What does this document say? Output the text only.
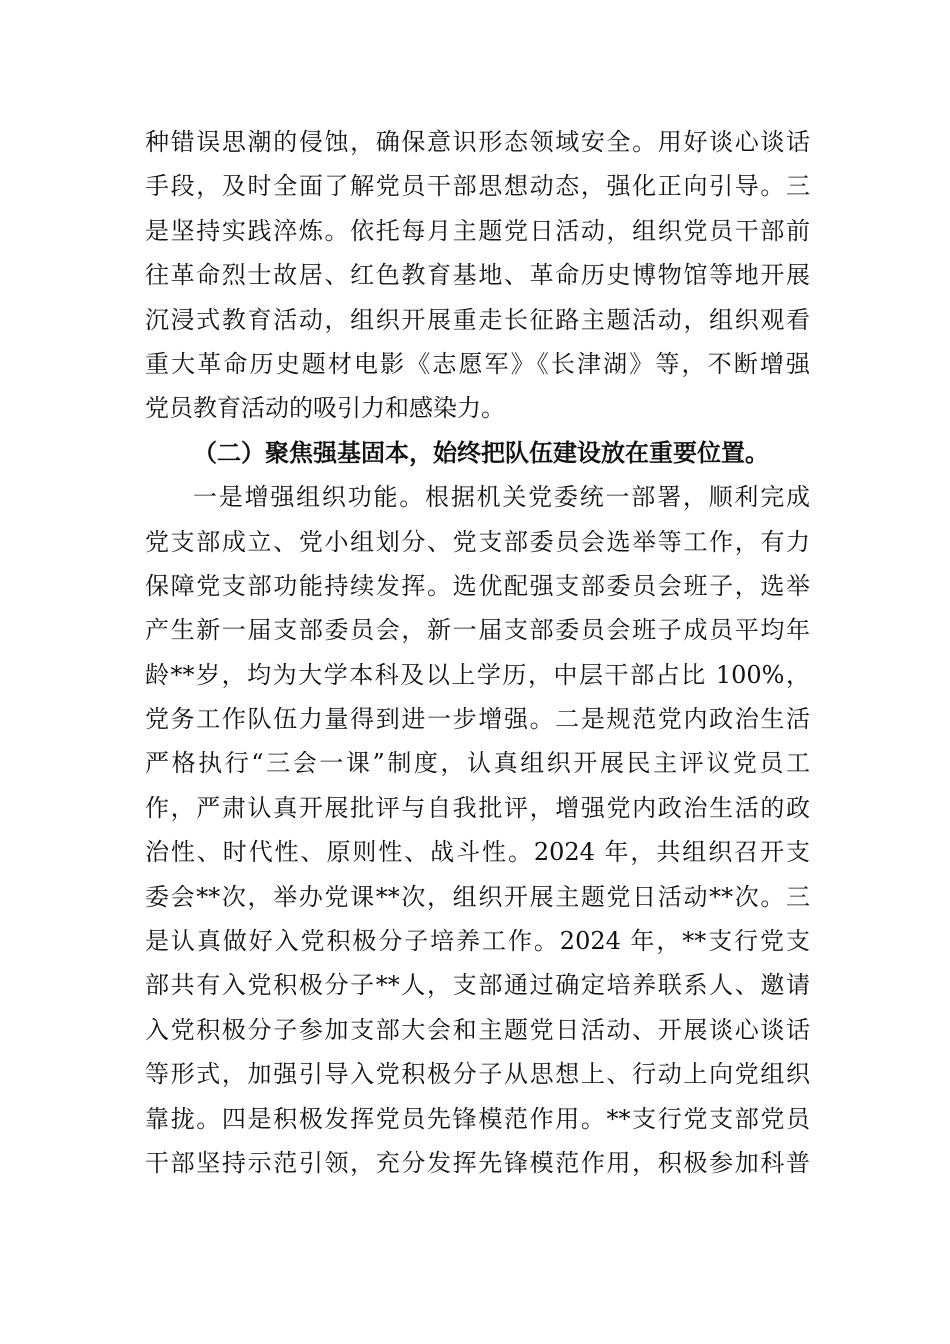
种错误思潮的侵蚀，确保意识形态领域安全。用好谈心谈话
手段，及时全面了解党员干部思想动态，强化正向引导。三
是坚持实践淬炼。依托每月主题党日活动，组织党员干部前
往革命烈士故居、红色教育基地、革命历史博物馆等地开展
沉浸式教育活动，组织开展重走长征路主题活动，组织观看
重大革命历史题材电影《志愿军》《长津湖》等，不断增强
党员教育活动的吸引力和感染力。
（二）聚焦强基固本，始终把队伍建设放在重要位置。
一是增强组织功能。根据机关党委统一部署，顺利完成
党支部成立、党小组划分、党支部委员会选举等工作，有力
保障党支部功能持续发挥。选优配强支部委员会班子，选举
产生新一届支部委员会，新一届支部委员会班子成员平均年
龄**岁，均为大学本科及以上学历，中层干部占比 100%，
党务工作队伍力量得到进一步增强。二是规范党内政治生活
严格执行“三会一课”制度，认真组织开展民主评议党员工
作，严肃认真开展批评与自我批评，增强党内政治生活的政
治性、时代性、原则性、战斗性。2024 年，共组织召开支
委会**次，举办党课**次，组织开展主题党日活动**次。三
是认真做好入党积极分子培养工作。2024 年，**支行党支
部共有入党积极分子**人，支部通过确定培养联系人、邀请
入党积极分子参加支部大会和主题党日活动、开展谈心谈话
等形式，加强引导入党积极分子从思想上、行动上向党组织
靠拢。四是积极发挥党员先锋模范作用。**支行党支部党员
干部坚持示范引领，充分发挥先锋模范作用，积极参加科普
